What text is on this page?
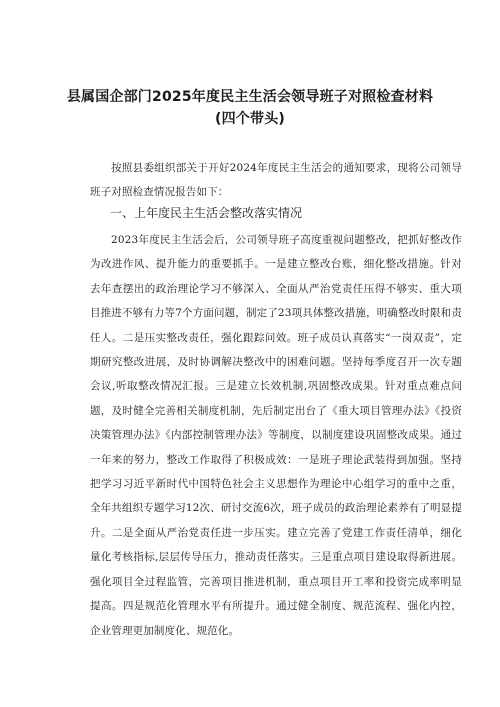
县属国企部门2025年度民主生活会领导班子对照检查材料
(四个带头)
按照县委组织部关于开好2024年度民主生活会的通知要求，现将公司领导班子对照检查情况报告如下：
一、上年度民主生活会整改落实情况
2023年度民主生活会后，公司领导班子高度重视问题整改，把抓好整改作为改进作风、提升能力的重要抓手。一是建立整改台账，细化整改措施。针对去年查摆出的政治理论学习不够深入、全面从严治党责任压得不够实、重大项目推进不够有力等7个方面问题，制定了23项具体整改措施，明确整改时限和责任人。二是压实整改责任，强化跟踪问效。班子成员认真落实“一岗双责”，定期研究整改进展，及时协调解决整改中的困难问题。坚持每季度召开一次专题会议,听取整改情况汇报。三是建立长效机制,巩固整改成果。针对重点难点问题，及时健全完善相关制度机制，先后制定出台了《重大项目管理办法》《投资决策管理办法》《内部控制管理办法》等制度，以制度建设巩固整改成果。通过一年来的努力，整改工作取得了积极成效：一是班子理论武装得到加强。坚持把学习习近平新时代中国特色社会主义思想作为理论中心组学习的重中之重，全年共组织专题学习12次、研讨交流6次，班子成员的政治理论素养有了明显提升。二是全面从严治党责任进一步压实。建立完善了党建工作责任清单，细化量化考核指标,层层传导压力，推动责任落实。三是重点项目建设取得新进展。强化项目全过程监管，完善项目推进机制，重点项目开工率和投资完成率明显提高。四是规范化管理水平有所提升。通过健全制度、规范流程、强化内控，企业管理更加制度化、规范化。
